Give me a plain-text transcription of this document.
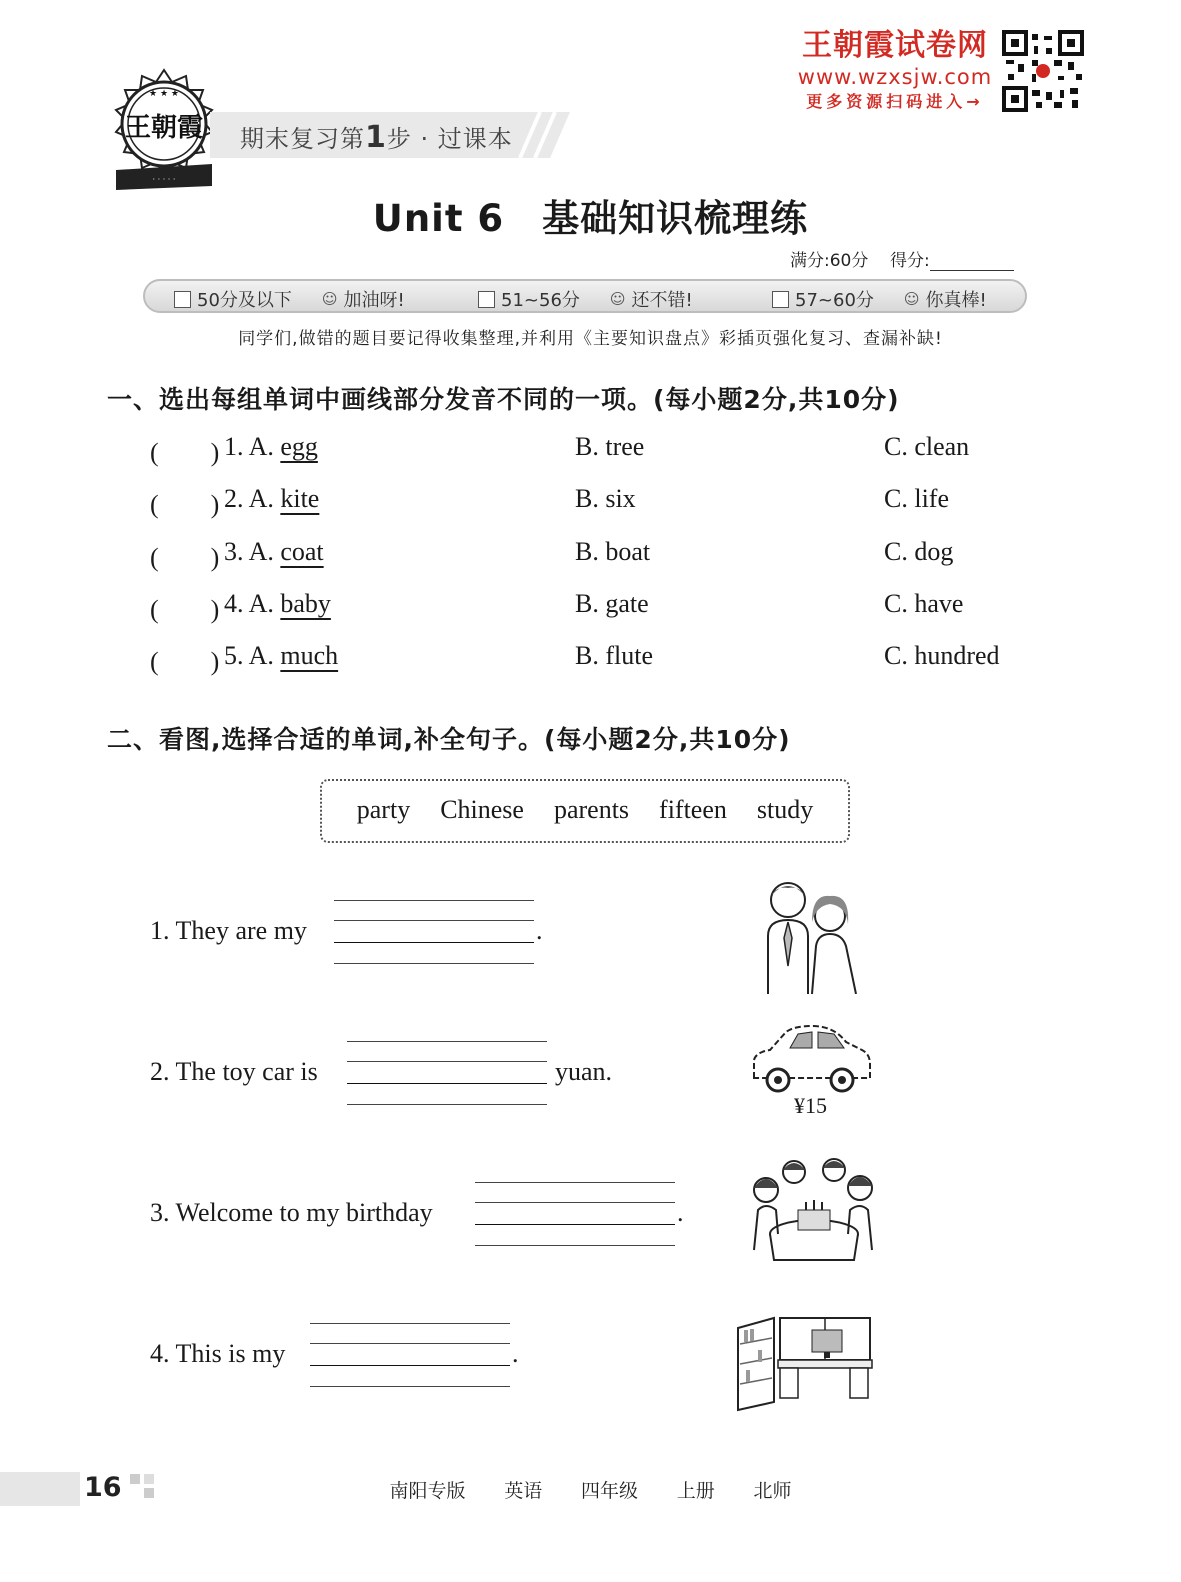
王朝霞
★ ★ ★
· · · · ·
期末复习第1步 · 过课本
王朝霞试卷网
www.wzxsjw.com
更多资源扫码进入→
Unit 6　基础知识梳理练
满分:60分 得分:
50分及以下 ☺ 加油呀!	51~56分 ☺ 还不错!	57~60分 ☺ 你真棒!
同学们,做错的题目要记得收集整理,并利用《主要知识盘点》彩插页强化复习、查漏补缺!
一、选出每组单词中画线部分发音不同的一项。(每小题2分,共10分)
(　　) 1. A. egg	B. tree	C. clean
(　　) 2. A. kite	B. six	C. life
(　　) 3. A. coat	B. boat	C. dog
(　　) 4. A. baby	B. gate	C. have
(　　) 5. A. much	B. flute	C. hundred
二、看图,选择合适的单词,补全句子。(每小题2分,共10分)
party Chinese parents fifteen study
1. They are my	.
2. The toy car is	yuan.
¥15
3. Welcome to my birthday	.
4. This is my	.
16	南阳专版 英语 四年级 上册 北师
